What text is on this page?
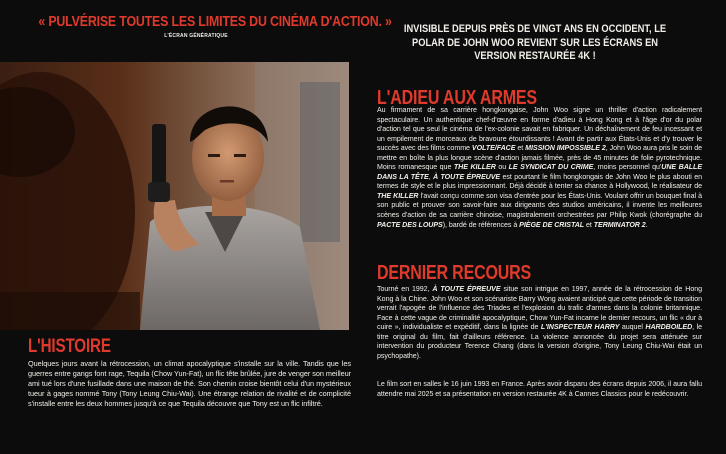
« PULVÉRISE TOUTES LES LIMITES DU CINÉMA D'ACTION. »
L'ÉCRAN GÉNÉRATIQUE
L'HISTOIRE
Quelques jours avant la rétrocession, un climat apocalyptique s'installe sur la ville. Tandis que les guerres entre gangs font rage, Tequila (Chow Yun-Fat), un flic tête brûlée, jure de venger son meilleur ami tué lors d'une fusillade dans une maison de thé. Son chemin croise bientôt celui d'un mystérieux tueur à gages nommé Tony (Tony Leung Chiu-Wai). Une étrange relation de rivalité et de complicité s'installe entre les deux hommes jusqu'à ce que Tequila découvre que Tony est un flic infiltré.
INVISIBLE DEPUIS PRÈS DE VINGT ANS EN OCCIDENT, LE POLAR DE JOHN WOO REVIENT SUR LES ÉCRANS EN VERSION RESTAURÉE 4K !
L'ADIEU AUX ARMES
Au firmament de sa carrière hongkongaise, John Woo signe un thriller d'action radicalement spectaculaire. Un authentique chef-d'œuvre en forme d'adieu à Hong Kong et à l'âge d'or du polar d'action tel que seul le cinéma de l'ex-colonie savait en fabriquer. Un déchaînement de feu incessant et un empilement de morceaux de bravoure étourdissants ! Avant de partir aux États-Unis et d'y trouver le succès avec des films comme VOLTE/FACE et MISSION IMPOSSIBLE 2, John Woo aura pris le soin de mettre en boîte la plus longue scène d'action jamais filmée, près de 45 minutes de folie pyrotechnique. Moins romanesque que THE KILLER ou LE SYNDICAT DU CRIME, moins personnel qu'UNE BALLE DANS LA TÊTE, À TOUTE ÉPREUVE est pourtant le film hongkongais de John Woo le plus abouti en termes de style et le plus impressionnant. Déjà décidé à tenter sa chance à Hollywood, le réalisateur de THE KILLER l'avait conçu comme son visa d'entrée pour les États-Unis. Voulant offrir un bouquet final à son public et prouver son savoir-faire aux dirigeants des studios américains, il invente les meilleures scènes d'action de sa carrière chinoise, magistralement orchestrées par Philip Kwok (chorégraphe du PACTE DES LOUPS), bardé de références à PIÈGE DE CRISTAL et TERMINATOR 2.
DERNIER RECOURS
Tourné en 1992, À TOUTE ÉPREUVE situe son intrigue en 1997, année de la rétrocession de Hong Kong à la Chine. John Woo et son scénariste Barry Wong avaient anticipé que cette période de transition verrait l'apogée de l'influence des Triades et l'explosion du trafic d'armes dans la colonie britannique. Face à cette vague de criminalité apocalyptique, Chow Yun-Fat incarne le dernier recours, un flic « dur à cuire », individualiste et expéditif, dans la lignée de L'INSPECTEUR HARRY auquel HARDBOILED, le titre original du film, fait d'ailleurs référence. La violence annoncée du projet sera atténuée sur intervention du producteur Terence Chang (dans la version d'origine, Tony Leung Chiu-Wai était un psychopathe).
Le film sort en salles le 16 juin 1993 en France. Après avoir disparu des écrans depuis 2006, il aura fallu attendre mai 2025 et sa présentation en version restaurée 4K à Cannes Classics pour le redécouvrir.
